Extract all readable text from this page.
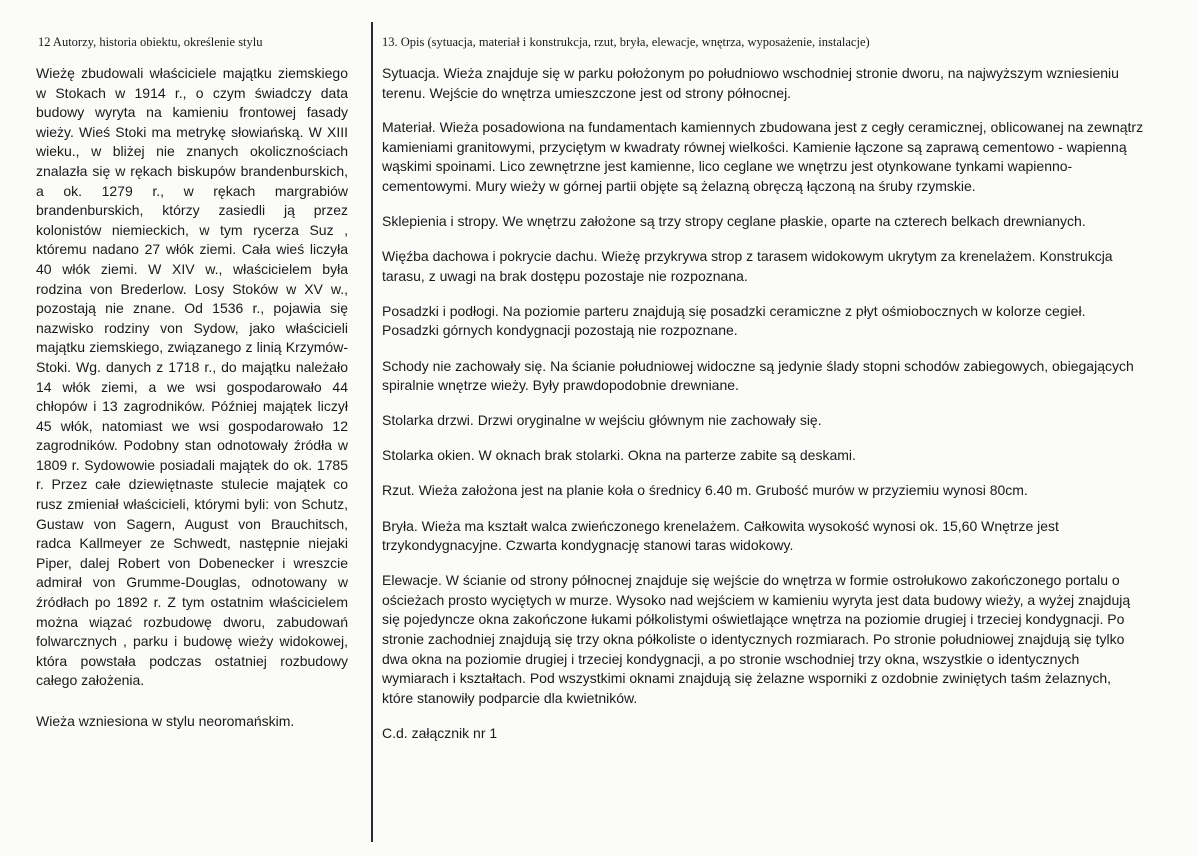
12 Autorzy, historia obiektu, określenie stylu

Wieżę zbudowali właściciele majątku ziemskiego w Stokach w 1914 r., o czym świadczy data budowy wyryta na kamieniu frontowej fasady wieży. Wieś Stoki ma metrykę słowiańską. W XIII wieku., w bliżej nie znanych okolicznościach znalazła się w rękach biskupów brandenburskich, a ok. 1279 r., w rękach margrabiów brandenburskich, którzy zasiedli ją przez kolonistów niemieckich, w tym rycerza Suz , któremu nadano 27 włók ziemi. Cała wieś liczyła 40 włók ziemi. W XIV w., właścicielem była rodzina von Brederlow. Losy Stoków w XV w., pozostają nie znane. Od 1536 r., pojawia się nazwisko rodziny von Sydow, jako właścicieli majątku ziemskiego, związanego z linią Krzymów-Stoki. Wg. danych z 1718 r., do majątku należało 14 włók ziemi, a we wsi gospodarowało 44 chłopów i 13 zagrodników. Później majątek liczył 45 włók, natomiast we wsi gospodarowało 12 zagrodników. Podobny stan odnotowały źródła w 1809 r. Sydowowie posiadali majątek do ok. 1785 r. Przez całe dziewiętnaste stulecie majątek co rusz zmieniał właścicieli, którymi byli: von Schutz, Gustaw von Sagern, August von Brauchitsch, radca Kallmeyer ze Schwedt, następnie niejaki Piper, dalej Robert von Dobenecker i wreszcie admirał von Grumme-Douglas, odnotowany w źródłach po 1892 r. Z tym ostatnim właścicielem można wiązać rozbudowę dworu, zabudowań folwarcznych , parku i budowę wieży widokowej, która powstała podczas ostatniej rozbudowy całego założenia.

Wieża wzniesiona w stylu neoromańskim.

13. Opis (sytuacja, materiał i konstrukcja, rzut, bryła, elewacje, wnętrza, wyposażenie, instalacje)

Sytuacja. Wieża znajduje się w parku położonym po południowo wschodniej stronie dworu, na najwyższym wzniesieniu terenu. Wejście do wnętrza umieszczone jest od strony północnej.

Materiał. Wieża posadowiona na fundamentach kamiennych zbudowana jest z cegły ceramicznej, oblicowanej na zewnątrz kamieniami granitowymi, przyciętym w kwadraty równej wielkości. Kamienie łączone są zaprawą cementowo - wapienną wąskimi spoinami. Lico zewnętrzne jest kamienne, lico ceglane we wnętrzu jest otynkowane tynkami wapienno-cementowymi. Mury wieży w górnej partii objęte są żelazną obręczą łączoną na śruby rzymskie.

Sklepienia i stropy. We wnętrzu założone są trzy stropy ceglane płaskie, oparte na czterech belkach drewnianych.

Więźba dachowa i pokrycie dachu. Wieżę przykrywa strop z tarasem widokowym ukrytym za krenelażem. Konstrukcja tarasu, z uwagi na brak dostępu pozostaje nie rozpoznana.

Posadzki i podłogi. Na poziomie parteru znajdują się posadzki ceramiczne z płyt ośmiobocznych w kolorze cegieł. Posadzki górnych kondygnacji pozostają nie rozpoznane.

Schody nie zachowały się. Na ścianie południowej widoczne są jedynie ślady stopni schodów zabiegowych, obiegających spiralnie wnętrze wieży. Były prawdopodobnie drewniane.

Stolarka drzwi. Drzwi oryginalne w wejściu głównym nie zachowały się.

Stolarka okien. W oknach brak stolarki. Okna na parterze zabite są deskami.

Rzut. Wieża założona jest na planie koła o średnicy 6.40 m. Grubość murów w przyziemiu wynosi 80cm.

Bryła. Wieża ma kształt walca zwieńczonego krenelażem. Całkowita wysokość wynosi ok. 15,60 Wnętrze jest trzykondygnacyjne. Czwarta kondygnację stanowi taras widokowy.

Elewacje. W ścianie od strony północnej znajduje się wejście do wnętrza w formie ostrołukowo zakończonego portalu o ościeżach prosto wyciętych w murze. Wysoko nad wejściem w kamieniu wyryta jest data budowy wieży, a wyżej znajdują się pojedyncze okna zakończone łukami półkolistymi oświetlające wnętrza na poziomie drugiej i trzeciej kondygnacji. Po stronie zachodniej znajdują się trzy okna półkoliste o identycznych rozmiarach. Po stronie południowej znajdują się tylko dwa okna na poziomie drugiej i trzeciej kondygnacji, a po stronie wschodniej trzy okna, wszystkie o identycznych wymiarach i kształtach. Pod wszystkimi oknami znajdują się żelazne wsporniki z ozdobnie zwiniętych taśm żelaznych, które stanowiły podparcie dla kwietników.

C.d. załącznik nr 1
